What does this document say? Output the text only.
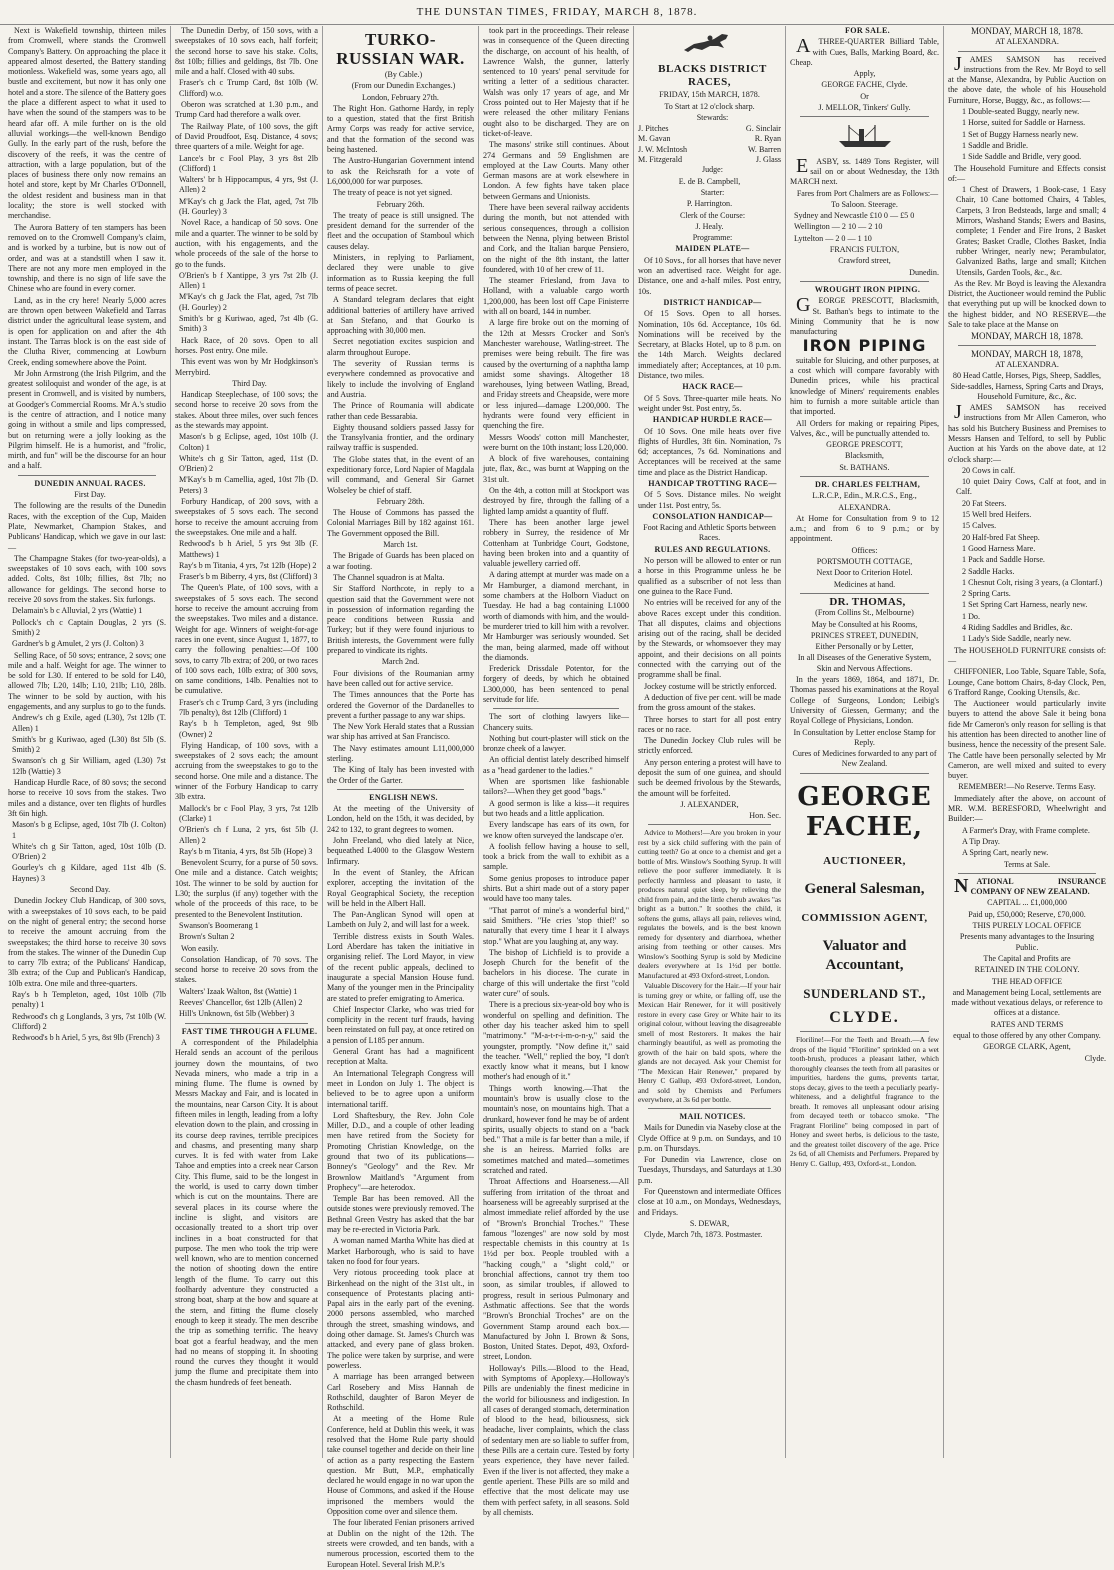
THE DUNSTAN TIMES, FRIDAY, MARCH 8, 1878.

Next is Wakefield township, thirteen miles from Cromwell, where stands the Cromwell Company's Battery. On approaching the place it appeared almost deserted, the Battery standing motionless. Wakefield was, some years ago, all bustle and excitement, but now it has only one hotel and a store. The silence of the Battery goes the place a different aspect to what it used to have when the sound of the stampers was to be heard afar off. A mile further on is the old alluvial workings—the well-known Bendigo Gully. In the early part of the rush, before the discovery of the reefs, it was the centre of attraction, with a large population, but of the places of business there only now remains an hotel and store, kept by Mr Charles O'Donnell, the oldest resident and business man in that locality; the store is well stocked with merchandise.

The Aurora Battery of ten stampers has been removed on to the Cromwell Company's claim, and is worked by a turbine, but is now out of order, and was at a standstill when I saw it. There are not any more men employed in the township, and there is no sign of life save the Chinese who are found in every corner.

Land, as in the cry here! Nearly 5,000 acres are thrown open between Wakefield and Tarras district under the agricultural lease system, and is open for application on and after the 4th instant. The Tarras block is on the east side of the Clutha River, commencing at Lowburn Creek, ending somewhere above the Point.

Mr John Armstrong (the Irish Pilgrim, and the greatest soliloquist and wonder of the age, is at present in Cromwell, and is visited by numbers, at Goodger's Commercial Rooms. Mr A.'s studio is the centre of attraction, and I notice many going in without a smile and lips compressed, but on returning were a jolly looking as the Pilgrim himself. He is a humorist, and "frolic, mirth, and fun" will be the discourse for an hour and a half.

DUNEDIN ANNUAL RACES.

First Day.

The following are the results of the Dunedin Races, with the exception of the Cup, Maiden Plate, Newmarket, Champion Stakes, and Publicans' Handicap, which we gave in our last:—

The Champagne Stakes (for two-year-olds), a sweepstakes of 10 sovs each, with 100 sovs added. Colts, 8st 10lb; fillies, 8st 7lb; no allowance for geldings. The second horse to receive 20 sovs from the stakes. Six furlongs.

Delamain's b c Alluvial, 2 yrs (Wattie) 1

Pollock's ch c Captain Douglas, 2 yrs (S. Smith) 2

Gardner's b g Amulet, 2 yrs (J. Colton) 3

Selling Race, of 50 sovs; entrance, 2 sovs; one mile and a half. Weight for age. The winner to be sold for L30. If entered to be sold for L40, allowed 7lb; L20, 14lb; L10, 21lb; L10, 28lb. The winner to be sold by auction, with his engagements, and any surplus to go to the funds.

Andrew's ch g Exile, aged (L30), 7st 12lb (T. Allen) 1

Smith's br g Kuriwao, aged (L30) 8st 5lb (S. Smith) 2

Swanson's ch g Sir William, aged (L30) 7st 12lb (Wattie) 3

Handicap Hurdle Race, of 80 sovs; the second horse to receive 10 sovs from the stakes. Two miles and a distance, over ten flights of hurdles 3ft 6in high.

Mason's b g Eclipse, aged, 10st 7lb (J. Colton) 1

White's ch g Sir Tatton, aged, 10st 10lb (D. O'Brien) 2

Gourley's ch g Kildare, aged 11st 4lb (S. Haynes) 3

Second Day.

Dunedin Jockey Club Handicap, of 300 sovs, with a sweepstakes of 10 sovs each, to be paid on the night of general entry; the second horse to receive the amount accruing from the sweepstakes; the third horse to receive 30 sovs from the stakes. The winner of the Dunedin Cup to carry 7lb extra; of the Publicans' Handicap, 3lb extra; of the Cup and Publican's Handicap, 10lb extra. One mile and three-quarters.

Ray's b h Templeton, aged, 10st 10lb (7lb penalty) 1

Redwood's ch g Longlands, 3 yrs, 7st 10lb (W. Clifford) 2

Redwood's b h Ariel, 5 yrs, 8st 9lb (French) 3

The Dunedin Derby, of 150 sovs, with a sweepstakes of 10 sovs each, half forfeit; the second horse to save his stake. Colts, 8st 10lb; fillies and geldings, 8st 7lb. One mile and a half. Closed with 40 subs.

Fraser's ch c Trump Card, 8st 10lb (W. Clifford) w.o.

Oberon was scratched at 1.30 p.m., and Trump Card had therefore a walk over.

The Railway Plate, of 100 sovs, the gift of David Proudfoot, Esq. Distance, 4 sovs; three quarters of a mile. Weight for age.

Lance's br c Fool Play, 3 yrs 8st 2lb (Clifford) 1

Walters' br h Hippocampus, 4 yrs, 9st (J. Allen) 2

M'Kay's ch g Jack the Flat, aged, 7st 7lb (H. Gourley) 3

Novel Race, a handicap of 50 sovs. One mile and a quarter. The winner to be sold by auction, with his engagements, and the whole proceeds of the sale of the horse to go to the funds.

O'Brien's b f Xantippe, 3 yrs 7st 2lb (J. Allen) 1

M'Kay's ch g Jack the Flat, aged, 7st 7lb (H. Gourley) 2

Smith's br g Kuriwao, aged, 7st 4lb (G. Smith) 3

Hack Race, of 20 sovs. Open to all horses. Post entry. One mile.

This event was won by Mr Hodgkinson's Merrybird.

Third Day.

Handicap Steeplechase, of 100 sovs; the second horse to receive 20 sovs from the stakes. About three miles, over such fences as the stewards may appoint.

Mason's b g Eclipse, aged, 10st 10lb (J. Colton) 1

White's ch g Sir Tatton, aged, 11st (D. O'Brien) 2

M'Kay's b m Camellia, aged, 10st 7lb (D. Peters) 3

Forbury Handicap, of 200 sovs, with a sweepstakes of 5 sovs each. The second horse to receive the amount accruing from the sweepstakes. One mile and a half.

Redwood's b h Ariel, 5 yrs 9st 3lb (F. Matthews) 1

Ray's b m Titania, 4 yrs, 7st 12lb (Hope) 2

Fraser's b m Biberry, 4 yrs, 8st (Clifford) 3

The Queen's Plate, of 100 sovs, with a sweepstakes of 5 sovs each. The second horse to receive the amount accruing from the sweepstakes. Two miles and a distance. Weight for age. Winners of weight-for-age races in one event, since August 1, 1877, to carry the following penalties:—Of 100 sovs, to carry 7lb extra; of 200, or two races of 100 sovs each, 10lb extra; of 300 sovs, on same conditions, 14lb. Penalties not to be cumulative.

Fraser's ch c Trump Card, 3 yrs (including 7lb penalty), 8st 12lb (Clifford) 1

Ray's b h Templeton, aged, 9st 9lb (Owner) 2

Flying Handicap, of 100 sovs, with a sweepstakes of 2 sovs each; the amount accruing from the sweepstakes to go to the second horse. One mile and a distance. The winner of the Forbury Handicap to carry 3lb extra.

Mallock's br c Fool Play, 3 yrs, 7st 12lb (Clarke) 1

O'Brien's ch f Luna, 2 yrs, 6st 5lb (J. Allen) 2

Ray's b m Titania, 4 yrs, 8st 5lb (Hope) 3

Benevolent Scurry, for a purse of 50 sovs. One mile and a distance. Catch weights; 10st. The winner to be sold by auction for L30; the surplus (if any) together with the whole of the proceeds of this race, to be presented to the Benevolent Institution.

Swanson's Boomerang 1

Brown's Sultan 2

Won easily.

Consolation Handicap, of 70 sovs. The second horse to receive 20 sovs from the stakes.

Walters' Izaak Walton, 8st (Wattie) 1

Reeves' Chancellor, 6st 12lb (Allen) 2

Hill's Unknown, 6st 5lb (Webber) 3

FAST TIME THROUGH A FLUME.

A correspondent of the Philadelphia Herald sends an account of the perilous journey down the mountains, of two Nevada miners, who made a trip in a mining flume. The flume is owned by Messrs Mackay and Fair, and is located in the mountains, near Carson City. It is about fifteen miles in length, leading from a lofty elevation down to the plain, and crossing in its course deep ravines, terrible precipices and chasms, and presenting many sharp curves. It is fed with water from Lake Tahoe and empties into a creek near Carson City. This flume, said to be the longest in the world, is used to carry down timber which is cut on the mountains. There are several places in its course where the incline is slight, and visitors are occasionally treated to a short trip over inclines in a boat constructed for that purpose. The men who took the trip were well known, who are to mention concerned the notion of shooting down the entire length of the flume. To carry out this foolhardy adventure they constructed a strong boat, sharp at the bow and square at the stern, and fitting the flume closely enough to keep it steady. The men describe the trip as something terrific. The heavy boat got a fearful headway, and the men had no means of stopping it. In shooting round the curves they thought it would jump the flume and precipitate them into the chasm hundreds of feet beneath.

TURKO-RUSSIAN WAR.

(By Cable.)

(From our Dunedin Exchanges.)

London, February 27th.

The Right Hon. Gathorne Hardy, in reply to a question, stated that the first British Army Corps was ready for active service, and that the formation of the second was being hastened.

The Austro-Hungarian Government intend to ask the Reichsrath for a vote of L6,000,000 for war purposes.

The treaty of peace is not yet signed.

February 26th.

The treaty of peace is still unsigned. The president demand for the surrender of the fleet and the occupation of Stamboul which causes delay.

Ministers, in replying to Parliament, declared they were unable to give information as to Russia keeping the full terms of peace secret.

A Standard telegram declares that eight additional batteries of artillery have arrived at San Stefano, and that Gourko is approaching with 30,000 men.

Secret negotiation excites suspicion and alarm throughout Europe.

The severity of Russian terms is everywhere condemned as provocative and likely to include the involving of England and Austria.

The Prince of Roumania will abdicate rather than cede Bessarabia.

Eighty thousand soldiers passed Jassy for the Transylvania frontier, and the ordinary railway traffic is suspended.

The Globe states that, in the event of an expeditionary force, Lord Napier of Magdala will command, and General Sir Garnet Wolseley be chief of staff.

February 28th.

The House of Commons has passed the Colonial Marriages Bill by 182 against 161. The Government opposed the Bill.

March 1st.

The Brigade of Guards has been placed on a war footing.

The Channel squadron is at Malta.

Sir Stafford Northcote, in reply to a question said that the Government were not in possession of information regarding the peace conditions between Russia and Turkey; but if they were found injurious to British interests, the Government were fully prepared to vindicate its rights.

March 2nd.

Four divisions of the Roumanian army have been called out for active service.

The Times announces that the Porte has ordered the Governor of the Dardanelles to prevent a further passage to any war ships.

The New York Herald states that a Russian war ship has arrived at San Francisco.

The Navy estimates amount L11,000,000 sterling.

The King of Italy has been invested with the Order of the Garter.

ENGLISH NEWS.

At the meeting of the University of London, held on the 15th, it was decided, by 242 to 132, to grant degrees to women.

John Freeland, who died lately at Nice, bequeathed L4000 to the Glasgow Western Infirmary.

In the event of Stanley, the African explorer, accepting the invitation of the Royal Geographical Society, the reception will be held in the Albert Hall.

The Pan-Anglican Synod will open at Lambeth on July 2, and will last for a week.

Terrible distress exists in South Wales. Lord Aberdare has taken the initiative in organising relief. The Lord Mayor, in view of the recent public appeals, declined to inaugurate a special Mansion House fund. Many of the younger men in the Principality are stated to prefer emigrating to America.

Chief Inspector Clarke, who was tried for complicity in the recent turf frauds, having been reinstated on full pay, at once retired on a pension of L185 per annum.

General Grant has had a magnificent reception at Malta.

An International Telegraph Congress will meet in London on July 1. The object is believed to be to agree upon a uniform international tariff.

Lord Shaftesbury, the Rev. John Cole Miller, D.D., and a couple of other leading men have retired from the Society for Promoting Christian Knowledge, on the ground that two of its publications—Bonney's "Geology" and the Rev. Mr Brownlow Maitland's "Argument from Prophecy"—are heterodox.

Temple Bar has been removed. All the outside stones were previously removed. The Bethnal Green Vestry has asked that the bar may be re-erected in Victoria Park.

A woman named Martha White has died at Market Harborough, who is said to have taken no food for four years.

Very riotous proceeding took place at Birkenhead on the night of the 31st ult., in consequence of Protestants placing anti-Papal airs in the early part of the evening. 2000 persons assembled, who marched through the street, smashing windows, and doing other damage. St. James's Church was attacked, and every pane of glass broken. The police were taken by surprise, and were powerless.

A marriage has been arranged between Carl Rosebery and Miss Hannah de Rothschild, daughter of Baron Meyer de Rothschild.

At a meeting of the Home Rule Conference, held at Dublin this week, it was resolved that the Home Rule party should take counsel together and decide on their line of action as a party respecting the Eastern question. Mr Butt, M.P., emphatically declared he would engage in no war upon the House of Commons, and asked if the House imprisoned the members would the Opposition come over and silence them.

The four liberated Fenian prisoners arrived at Dublin on the night of the 12th. The streets were crowded, and ten bands, with a numerous procession, escorted them to the European Hotel. Several Irish M.P.'s

took part in the proceedings. Their release was in consequence of the Queen directing the discharge, on account of his health, of Lawrence Walsh, the gunner, latterly sentenced to 10 years' penal servitude for writing a letter of a seditious character. Walsh was only 17 years of age, and Mr Cross pointed out to Her Majesty that if he were released the other military Fenians ought also to be discharged. They are on ticket-of-leave.

The masons' strike still continues. About 274 Germans and 59 Englishmen are employed at the Law Courts. Many other German masons are at work elsewhere in London. A few fights have taken place between Germans and Unionists.

There have been several railway accidents during the month, but not attended with serious consequences, through a collision between the Nenna, plying between Bristol and Cork, and the Italian barque Pensiero, on the night of the 8th instant, the latter foundered, with 10 of her crew of 11.

The steamer Friesland, from Java to Holland, with a valuable cargo worth 1,200,000, has been lost off Cape Finisterre with all on board, 144 in number.

A large fire broke out on the morning of the 12th at Messrs Crocker and Son's Manchester warehouse, Watling-street. The premises were being rebuilt. The fire was caused by the overturning of a naphtha lamp amidst some shavings. Altogether 18 warehouses, lying between Watling, Bread, and Friday streets and Cheapside, were more or less injured—damage L200,000. The hydrants were found very efficient in quenching the fire.

Messrs Woods' cotton mill Manchester, were burnt on the 10th instant; loss L20,000.

A block of five warehouses, containing jute, flax, &c., was burnt at Wapping on the 31st ult.

On the 4th, a cotton mill at Stockport was destroyed by fire, through the falling of a lighted lamp amidst a quantity of fluff.

There has been another large jewel robbery in Surrey, the residence of Mr Cottenham at Tunbridge Court, Godstone, having been broken into and a quantity of valuable jewellery carried off.

A daring attempt at murder was made on a Mr Hamburger, a diamond merchant, in some chambers at the Holborn Viaduct on Tuesday. He had a bag containing L1000 worth of diamonds with him, and the would-be murderer tried to kill him with a revolver. Mr Hamburger was seriously wounded. Set the man, being alarmed, made off without the diamonds.

Frederick Drissdale Potentor, for the forgery of deeds, by which he obtained L300,000, has been sentenced to penal servitude for life.

The sort of clothing lawyers like—Chancery suits.

Nothing but court-plaster will stick on the bronze cheek of a lawyer.

An official dentist lately described himself as a "head gardener to the ladies."

When are sportsmen like fashionable tailors?—When they get good "bags."

A good sermon is like a kiss—it requires but two heads and a little application.

Every landscape has ears of its own, for we know often surveyed the landscape o'er.

A foolish fellow having a house to sell, took a brick from the wall to exhibit as a sample.

Some genius proposes to introduce paper shirts. But a shirt made out of a story paper would have too many tales.

"That parrot of mine's a wonderful bird," said Smithers. "He cries 'stop thief!' so naturally that every time I hear it I always stop." What are you laughing at, any way.

The bishop of Lichfield is to provide a Joseph Church for the benefit of the bachelors in his diocese. The curate in charge of this will undertake the first "cold water cure" of souls.

There is a precious six-year-old boy who is wonderful on spelling and definition. The other day his teacher asked him to spell "matrimony." "M-a-t-r-i-m-o-n-y," said the youngster, promptly. "Now define it," said the teacher. "Well," replied the boy, "I don't exactly know what it means, but I know mother's had enough of it."

Things worth knowing.—That the mountain's brow is usually close to the mountain's nose, on mountains high. That a drunkard, however fond he may be of ardent spirits, usually objects to stand on a "back bed." That a mile is far better than a mile, if she is an heiress. Married folks are sometimes matched and mated—sometimes scratched and rated.

Throat Affections and Hoarseness.—All suffering from irritation of the throat and hoarseness will be agreeably surprised at the almost immediate relief afforded by the use of "Brown's Bronchial Troches." These famous "lozenges" are now sold by most respectable chemists in this country at 1s 1½d per box. People troubled with a "hacking cough," a "slight cold," or bronchial affections, cannot try them too soon, as similar troubles, if allowed to progress, result in serious Pulmonary and Asthmatic affections. See that the words "Brown's Bronchial Troches" are on the Government Stamp around each box.—Manufactured by John I. Brown & Sons, Boston, United States. Depot, 493, Oxford-street, London.

Holloway's Pills.—Blood to the Head, with Symptoms of Apoplexy.—Holloway's Pills are undeniably the finest medicine in the world for biliousness and indigestion. In all cases of deranged stomach, determination of blood to the head, biliousness, sick headache, liver complaints, which the class of sedentary men are so liable to suffer from, these Pills are a certain cure. Tested by forty years experience, they have never failed. Even if the liver is not affected, they make a gentle aperient. These Pills are so mild and effective that the most delicate may use them with perfect safety, in all seasons. Sold by all chemists.

BLACKS DISTRICT RACES,

FRIDAY, 15th MARCH, 1878.

To Start at 12 o'clock sharp.

Stewards:

J. Pitches	G. Sinclair
M. Gavan	R. Ryan
J. W. McIntosh	W. Barren
M. Fitzgerald	J. Glass

Judge:

E. de B. Campbell,

Starter:

P. Harrington.

Clerk of the Course:

J. Healy.

Programme:

MAIDEN PLATE—

Of 10 Sovs., for all horses that have never won an advertised race. Weight for age. Distance, one and a-half miles. Post entry, 10s.

DISTRICT HANDICAP—

Of 15 Sovs. Open to all horses. Nomination, 10s 6d. Acceptance, 10s 6d. Nominations will be received by the Secretary, at Blacks Hotel, up to 8 p.m. on the 14th March. Weights declared immediately after; Acceptances, at 10 p.m. Distance, two miles.

HACK RACE—

Of 5 Sovs. Three-quarter mile heats. No weight under 9st. Post entry, 5s.

HANDICAP HURDLE RACE—

Of 10 Sovs. One mile heats over five flights of Hurdles, 3ft 6in. Nomination, 7s 6d; acceptances, 7s 6d. Nominations and Acceptances will be received at the same time and place as the District Handicap.

HANDICAP TROTTING RACE—

Of 5 Sovs. Distance miles. No weight under 11st. Post entry, 5s.

CONSOLATION HANDICAP—

Foot Racing and Athletic Sports between Races.

RULES AND REGULATIONS.

No person will be allowed to enter or run a horse in this Programme unless he be qualified as a subscriber of not less than one guinea to the Race Fund.

No entries will be received for any of the above Races except under this condition. That all disputes, claims and objections arising out of the racing, shall be decided by the Stewards, or whomsoever they may appoint, and their decisions on all points connected with the carrying out of the programme shall be final.

Jockey costume will be strictly enforced.

A deduction of five per cent. will be made from the gross amount of the stakes.

Three horses to start for all post entry races or no race.

The Dunedin Jockey Club rules will be strictly enforced.

Any person entering a protest will have to deposit the sum of one guinea, and should such be deemed frivolous by the Stewards, the amount will be forfeited.

J. ALEXANDER,

Hon. Sec.

Advice to Mothers!—Are you broken in your rest by a sick child suffering with the pain of cutting teeth? Go at once to a chemist and get a bottle of Mrs. Winslow's Soothing Syrup. It will relieve the poor sufferer immediately. It is perfectly harmless and pleasant to taste, it produces natural quiet sleep, by relieving the child from pain, and the little cherub awakes "as bright as a button." It soothes the child, it softens the gums, allays all pain, relieves wind, regulates the bowels, and is the best known remedy for dysentery and diarrhoea, whether arising from teething or other causes. Mrs Winslow's Soothing Syrup is sold by Medicine dealers everywhere at 1s 1½d per bottle. Manufactured at 493 Oxford-street, London.

Valuable Discovery for the Hair.—If your hair is turning grey or white, or falling off, use the Mexican Hair Renewer, for it will positively restore in every case Grey or White hair to its original colour, without leaving the disagreeable smell of most Restorers. It makes the hair charmingly beautiful, as well as promoting the growth of the hair on bald spots, where the glands are not decayed. Ask your Chemist for "The Mexican Hair Renewer," prepared by Henry C Gallup, 493 Oxford-street, London, and sold by Chemists and Perfumers everywhere, at 3s 6d per bottle.

MAIL NOTICES.

Mails for Dunedin via Naseby close at the Clyde Office at 9 p.m. on Sundays, and 10 p.m. on Thursdays.

For Dunedin via Lawrence, close on Tuesdays, Thursdays, and Saturdays at 1.30 p.m.

For Queenstown and intermediate Offices close at 10 a.m., on Mondays, Wednesdays, and Fridays.

S. DEWAR,

Clyde, March 7th, 1873. Postmaster.

FOR SALE.

ATHREE-QUARTER Billiard Table, with Cues, Balls, Marking Board, &c. Cheap.

Apply,

GEORGE FACHE, Clyde.

Or

J. MELLOR, Tinkers' Gully.

EASBY, ss. 1489 Tons Register, will sail on or about Wednesday, the 13th MARCH next.

Fares from Port Chalmers are as Follows:—

To Saloon. Steerage.

Sydney and Newcastle £10 0 — £5 0

Wellington — 2 10 — 2 10

Lyttelton — 2 0 — 1 10

FRANCIS FULTON,

Crawford street,

Dunedin.

WROUGHT IRON PIPING.

GEORGE PRESCOTT, Blacksmith, St. Bathan's begs to intimate to the Mining Community that he is now manufacturing

IRON PIPING

suitable for Sluicing, and other purposes, at a cost which will compare favorably with Dunedin prices, while his practical knowledge of Miners' requirements enables him to furnish a more suitable article than that imported.

All Orders for making or repairing Pipes, Valves, &c., will be punctually attended to.

GEORGE PRESCOTT,

Blacksmith,

St. BATHANS.

DR. CHARLES FELTHAM,

L.R.C.P., Edin., M.R.C.S., Eng.,

ALEXANDRA.

At Home for Consultation from 9 to 12 a.m.; and from 6 to 9 p.m.; or by appointment.

Offices:

PORTSMOUTH COTTAGE,

Next Door to Criterion Hotel.

Medicines at hand.

DR. THOMAS,

(From Collins St., Melbourne)

May be Consulted at his Rooms,

PRINCES STREET, DUNEDIN,

Either Personally or by Letter,

In all Diseases of the Generative System, Skin and Nervous Affections.

In the years 1869, 1864, and 1871, Dr. Thomas passed his examinations at the Royal College of Surgeons, London; Leibig's University of Giessen, Germany; and the Royal College of Physicians, London.

In Consultation by Letter enclose Stamp for Reply.

Cures of Medicines forwarded to any part of New Zealand.

GEORGE FACHE,
AUCTIONEER,
General Salesman,
COMMISSION AGENT,
Valuator and Accountant,
SUNDERLAND ST.,
CLYDE.

Floriline!—For the Teeth and Breath.—A few drops of the liquid "Floriline" sprinkled on a wet tooth-brush, produces a pleasant lather, which thoroughly cleanses the teeth from all parasites or impurities, hardens the gums, prevents tartar, stops decay, gives to the teeth a peculiarly pearly-whiteness, and a delightful fragrance to the breath. It removes all unpleasant odour arising from decayed teeth or tobacco smoke. "The Fragrant Floriline" being composed in part of Honey and sweet herbs, is delicious to the taste, and the greatest toilet discovery of the age. Price 2s 6d, of all Chemists and Perfumers. Prepared by Henry C. Gallup, 493, Oxford-st., London.

MONDAY, MARCH 18, 1878.

AT ALEXANDRA.

JAMES SAMSON has received instructions from the Rev. Mr Boyd to sell at the Manse, Alexandra, by Public Auction on the above date, the whole of his Household Furniture, Horse, Buggy, &c., as follows:—

1 Double-seated Buggy, nearly new.

1 Horse, suited for Saddle or Harness.

1 Set of Buggy Harness nearly new.

1 Saddle and Bridle.

1 Side Saddle and Bridle, very good.

The Household Furniture and Effects consist of:—

1 Chest of Drawers, 1 Book-case, 1 Easy Chair, 10 Cane bottomed Chairs, 4 Tables, Carpets, 3 Iron Bedsteads, large and small; 4 Mirrors, Washand Stands; Ewers and Basins, complete; 1 Fender and Fire Irons, 2 Basket Grates; Basket Cradle, Clothes Basket, India rubber Wringer, nearly new; Perambulator, Galvanized Baths, large and small; Kitchen Utensils, Garden Tools, &c., &c.

As the Rev. Mr Boyd is leaving the Alexandra District, the Auctioneer would remind the Public that everything put up will be knocked down to the highest bidder, and NO RESERVE—the Sale to take place at the Manse on

MONDAY, MARCH 18, 1878.

MONDAY, MARCH 18, 1878,

AT ALEXANDRA.

80 Head Cattle, Horses, Pigs, Sheep, Saddles, Side-saddles, Harness, Spring Carts and Drays, Household Furniture, &c., &c.

JAMES SAMSON has received instructions from Mr Allen Cameron, who has sold his Butchery Business and Premises to Messrs Hansen and Telford, to sell by Public Auction at his Yards on the above date, at 12 o'clock sharp:—

20 Cows in calf.

10 quiet Dairy Cows, Calf at foot, and in Calf.

20 Fat Steers.

15 Well bred Heifers.

15 Calves.

20 Half-bred Fat Sheep.

1 Good Harness Mare.

1 Pack and Saddle Horse.

2 Saddle Hacks.

1 Chesnut Colt, rising 3 years, (a Clontarf.)

2 Spring Carts.

1 Set Spring Cart Harness, nearly new.

1 Do.

4 Riding Saddles and Bridles, &c.

1 Lady's Side Saddle, nearly new.

The HOUSEHOLD FURNITURE consists of:—

CHIFFONIER, Loo Table, Square Table, Sofa, Lounge, Cane bottom Chairs, 8-day Clock, Pen, 6 Trafford Range, Cooking Utensils, &c.

The Auctioneer would particularly invite buyers to attend the above Sale it being bona fide Mr Cameron's only reason for selling is that his attention has been directed to another line of business, hence the necessity of the present Sale. The Cattle have been personally selected by Mr Cameron, are well mixed and suited to every buyer.

REMEMBER!—No Reserve. Terms Easy.

Immediately after the above, on account of MR. W.M. BERESFORD, Wheelwright and Builder:—

A Farmer's Dray, with Frame complete.

A Tip Dray.

A Spring Cart, nearly new.

Terms at Sale.

NATIONAL INSURANCE COMPANY OF NEW ZEALAND.

CAPITAL ... £1,000,000

Paid up, £50,000; Reserve, £70,000.

THIS PURELY LOCAL OFFICE

Presents many advantages to the Insuring Public.

The Capital and Profits are

RETAINED IN THE COLONY.

THE HEAD OFFICE

and Management being Local, settlements are made without vexatious delays, or reference to offices at a distance.

RATES AND TERMS

equal to those offered by any other Company.

GEORGE CLARK, Agent,

Clyde.
